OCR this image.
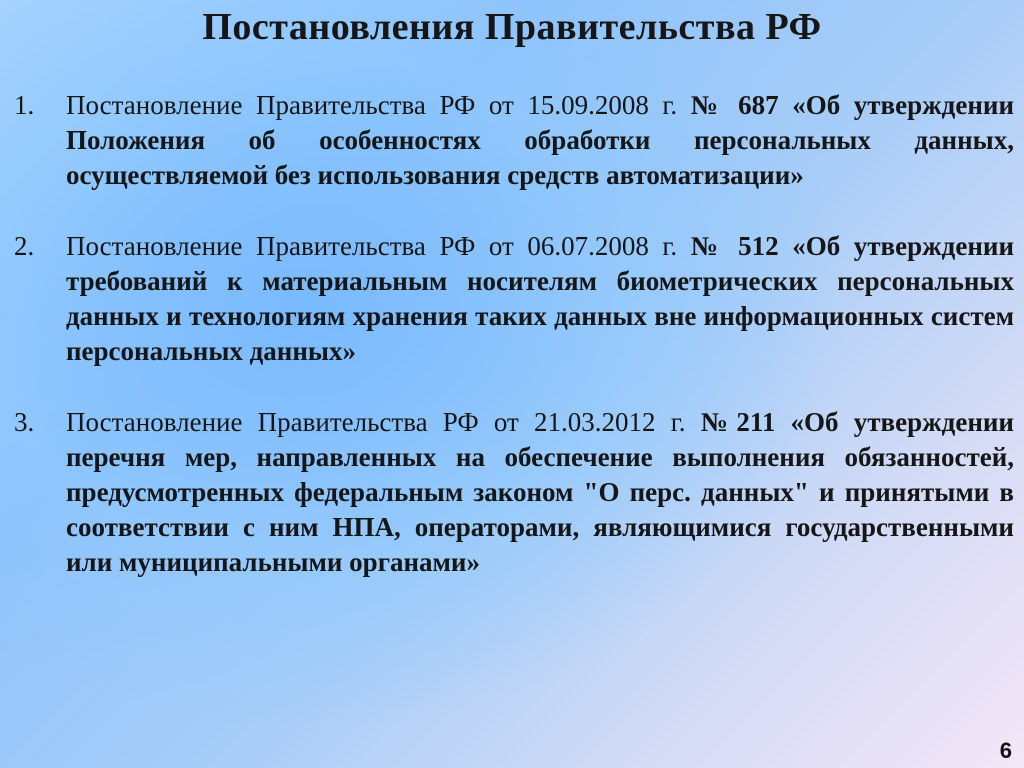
Постановления Правительства РФ
1.	Постановление Правительства РФ от 15.09.2008 г. № 687 «Об утверждении Положения об особенностях обработки персональных данных, осуществляемой без использования средств автоматизации»
2.	Постановление Правительства РФ от 06.07.2008 г. № 512 «Об утверждении требований к материальным носителям биометрических персональных данных и технологиям хранения таких данных вне информационных систем персональных данных»
3.	Постановление Правительства РФ от 21.03.2012 г. №211 «Об утверждении перечня мер, направленных на обеспечение выполнения обязанностей, предусмотренных федеральным законом "О перс. данных" и принятыми в соответствии с ним НПА, операторами, являющимися государственными или муниципальными органами»
6
